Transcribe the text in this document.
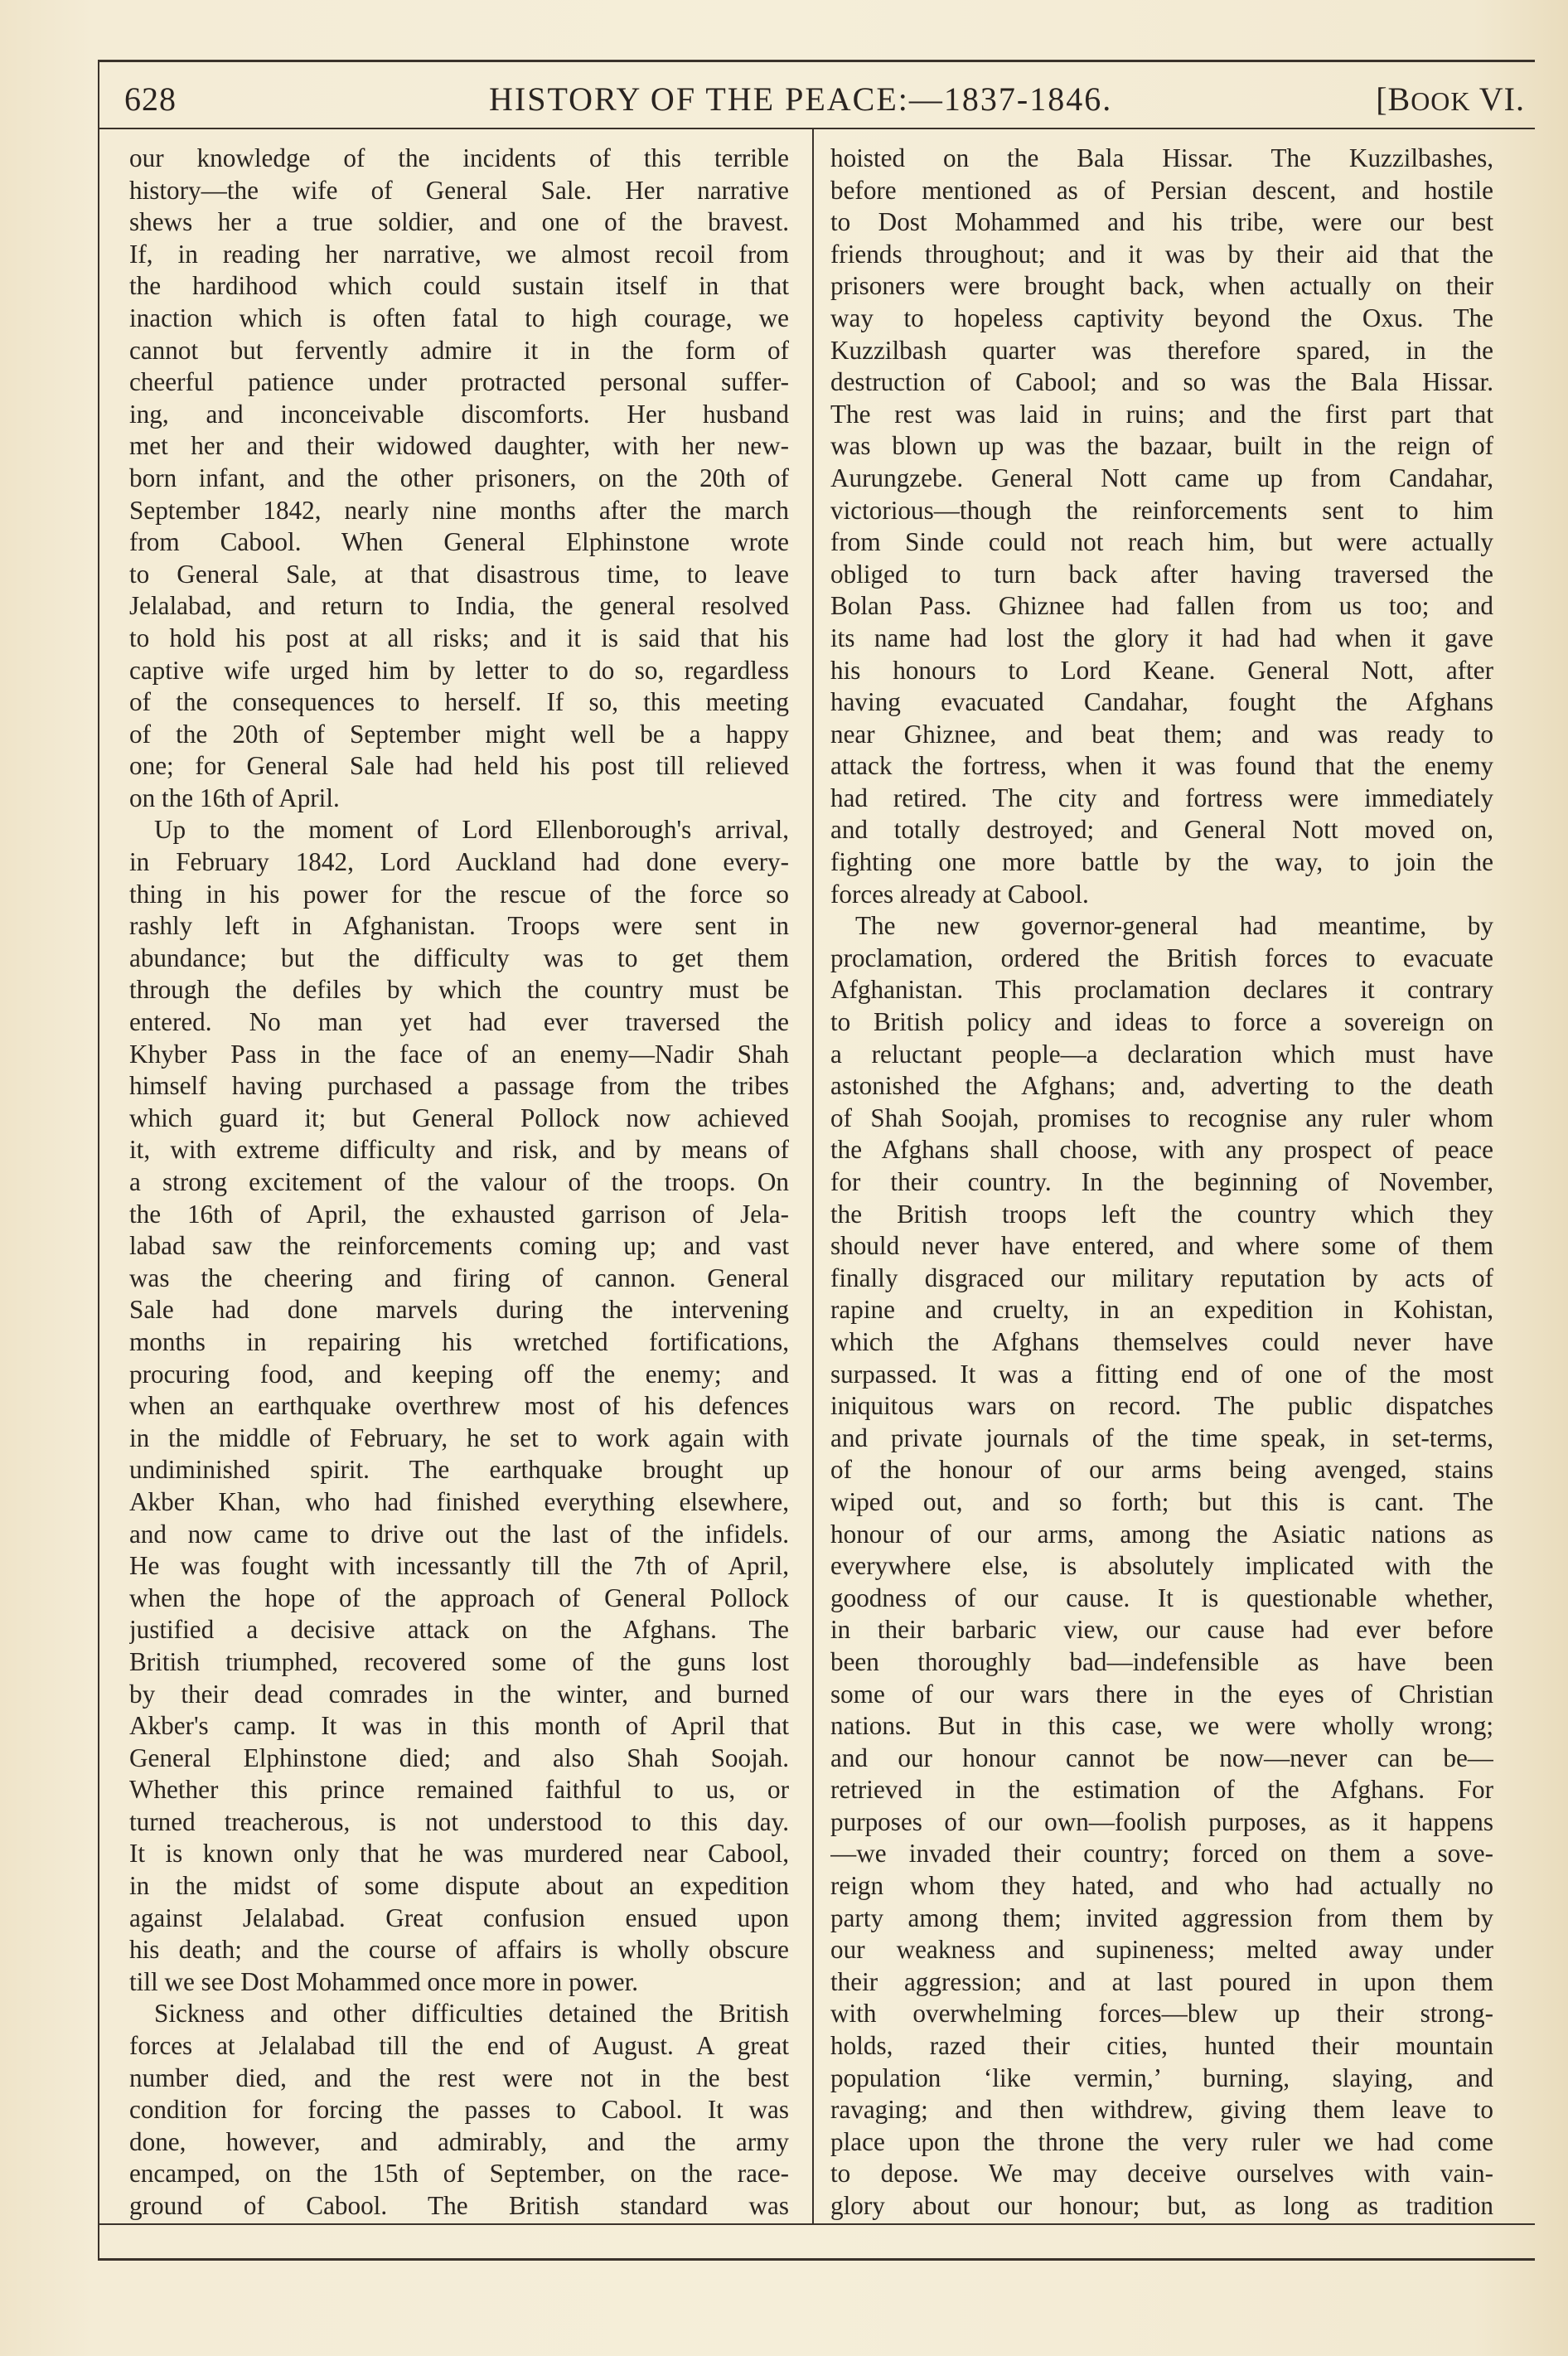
628	HISTORY OF THE PEACE:—1837-1846.	[BOOK VI.
our knowledge of the incidents of this terrible
history—the wife of General Sale. Her narrative
shews her a true soldier, and one of the bravest.
If, in reading her narrative, we almost recoil from
the hardihood which could sustain itself in that
inaction which is often fatal to high courage, we
cannot but fervently admire it in the form of
cheerful patience under protracted personal suffer-
ing, and inconceivable discomforts. Her husband
met her and their widowed daughter, with her new-
born infant, and the other prisoners, on the 20th of
September 1842, nearly nine months after the march
from Cabool. When General Elphinstone wrote
to General Sale, at that disastrous time, to leave
Jelalabad, and return to India, the general resolved
to hold his post at all risks; and it is said that his
captive wife urged him by letter to do so, regardless
of the consequences to herself. If so, this meeting
of the 20th of September might well be a happy
one; for General Sale had held his post till relieved
on the 16th of April.
Up to the moment of Lord Ellenborough's arrival,
in February 1842, Lord Auckland had done every-
thing in his power for the rescue of the force so
rashly left in Afghanistan. Troops were sent in
abundance; but the difficulty was to get them
through the defiles by which the country must be
entered. No man yet had ever traversed the
Khyber Pass in the face of an enemy—Nadir Shah
himself having purchased a passage from the tribes
which guard it; but General Pollock now achieved
it, with extreme difficulty and risk, and by means of
a strong excitement of the valour of the troops. On
the 16th of April, the exhausted garrison of Jela-
labad saw the reinforcements coming up; and vast
was the cheering and firing of cannon. General
Sale had done marvels during the intervening
months in repairing his wretched fortifications,
procuring food, and keeping off the enemy; and
when an earthquake overthrew most of his defences
in the middle of February, he set to work again with
undiminished spirit. The earthquake brought up
Akber Khan, who had finished everything elsewhere,
and now came to drive out the last of the infidels.
He was fought with incessantly till the 7th of April,
when the hope of the approach of General Pollock
justified a decisive attack on the Afghans. The
British triumphed, recovered some of the guns lost
by their dead comrades in the winter, and burned
Akber's camp. It was in this month of April that
General Elphinstone died; and also Shah Soojah.
Whether this prince remained faithful to us, or
turned treacherous, is not understood to this day.
It is known only that he was murdered near Cabool,
in the midst of some dispute about an expedition
against Jelalabad. Great confusion ensued upon
his death; and the course of affairs is wholly obscure
till we see Dost Mohammed once more in power.
Sickness and other difficulties detained the British
forces at Jelalabad till the end of August. A great
number died, and the rest were not in the best
condition for forcing the passes to Cabool. It was
done, however, and admirably, and the army
encamped, on the 15th of September, on the race-
ground of Cabool. The British standard was
hoisted on the Bala Hissar. The Kuzzilbashes,
before mentioned as of Persian descent, and hostile
to Dost Mohammed and his tribe, were our best
friends throughout; and it was by their aid that the
prisoners were brought back, when actually on their
way to hopeless captivity beyond the Oxus. The
Kuzzilbash quarter was therefore spared, in the
destruction of Cabool; and so was the Bala Hissar.
The rest was laid in ruins; and the first part that
was blown up was the bazaar, built in the reign of
Aurungzebe. General Nott came up from Candahar,
victorious—though the reinforcements sent to him
from Sinde could not reach him, but were actually
obliged to turn back after having traversed the
Bolan Pass. Ghiznee had fallen from us too; and
its name had lost the glory it had had when it gave
his honours to Lord Keane. General Nott, after
having evacuated Candahar, fought the Afghans
near Ghiznee, and beat them; and was ready to
attack the fortress, when it was found that the enemy
had retired. The city and fortress were immediately
and totally destroyed; and General Nott moved on,
fighting one more battle by the way, to join the
forces already at Cabool.
The new governor-general had meantime, by
proclamation, ordered the British forces to evacuate
Afghanistan. This proclamation declares it contrary
to British policy and ideas to force a sovereign on
a reluctant people—a declaration which must have
astonished the Afghans; and, adverting to the death
of Shah Soojah, promises to recognise any ruler whom
the Afghans shall choose, with any prospect of peace
for their country. In the beginning of November,
the British troops left the country which they
should never have entered, and where some of them
finally disgraced our military reputation by acts of
rapine and cruelty, in an expedition in Kohistan,
which the Afghans themselves could never have
surpassed. It was a fitting end of one of the most
iniquitous wars on record. The public dispatches
and private journals of the time speak, in set-terms,
of the honour of our arms being avenged, stains
wiped out, and so forth; but this is cant. The
honour of our arms, among the Asiatic nations as
everywhere else, is absolutely implicated with the
goodness of our cause. It is questionable whether,
in their barbaric view, our cause had ever before
been thoroughly bad—indefensible as have been
some of our wars there in the eyes of Christian
nations. But in this case, we were wholly wrong;
and our honour cannot be now—never can be—
retrieved in the estimation of the Afghans. For
purposes of our own—foolish purposes, as it happens
—we invaded their country; forced on them a sove-
reign whom they hated, and who had actually no
party among them; invited aggression from them by
our weakness and supineness; melted away under
their aggression; and at last poured in upon them
with overwhelming forces—blew up their strong-
holds, razed their cities, hunted their mountain
population ‘like vermin,’ burning, slaying, and
ravaging; and then withdrew, giving them leave to
place upon the throne the very ruler we had come
to depose. We may deceive ourselves with vain-
glory about our honour; but, as long as tradition
